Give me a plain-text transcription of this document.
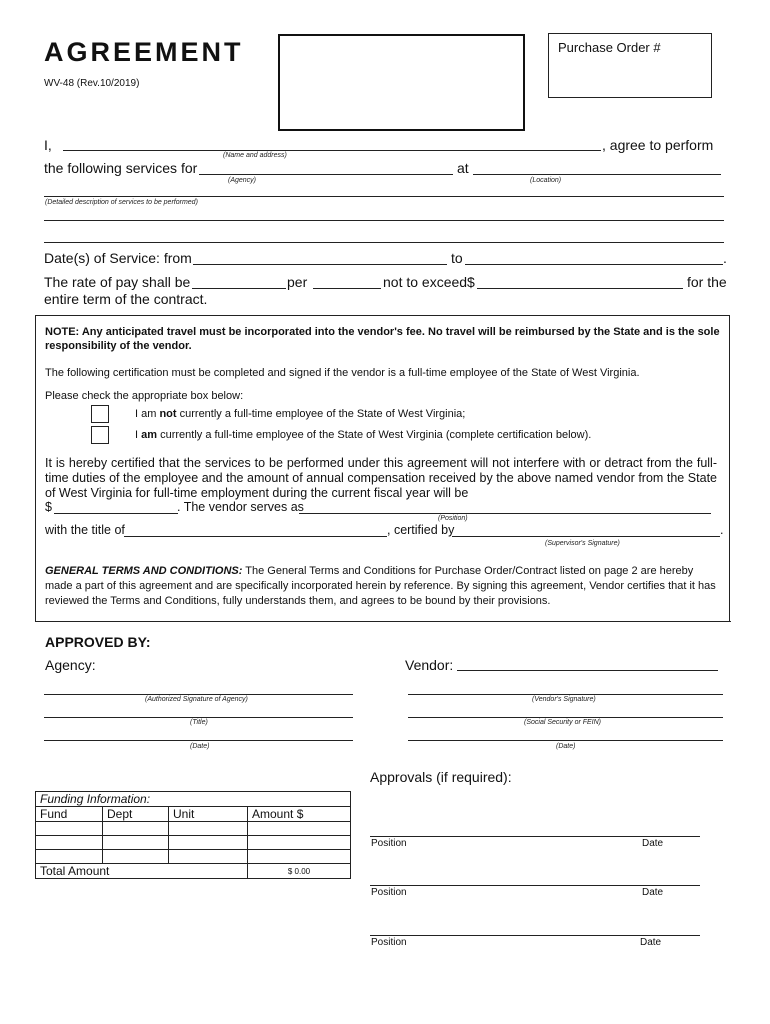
AGREEMENT
WV-48 (Rev.10/2019)
Purchase Order #
I,	, agree to perform
(Name and address)
the following services for	at
(Agency)	(Location)
(Detailed description of services to be performed)
Date(s) of Service: from	to	.
The rate of pay shall be	per	not to exceed$	for the
entire term of the contract.
NOTE: Any anticipated travel must be incorporated into the vendor's fee. No travel will be reimbursed by the State and is the sole responsibility of the vendor.
The following certification must be completed and signed if the vendor is a full-time employee of the State of West Virginia.
Please check the appropriate box below:
I am not currently a full-time employee of the State of West Virginia;
I am currently a full-time employee of the State of West Virginia (complete certification below).
It is hereby certified that the services to be performed under this agreement will not interfere with or detract from the full-time duties of the employee and the amount of annual compensation received by the above named vendor from the State of West Virginia for full-time employment during the current fiscal year will be
$	. The vendor serves as
(Position)
with the title of	, certified by	.
(Supervisor's Signature)
GENERAL TERMS AND CONDITIONS: The General Terms and Conditions for Purchase Order/Contract listed on page 2 are hereby made a part of this agreement and are specifically incorporated herein by reference. By signing this agreement, Vendor certifies that it has reviewed the Terms and Conditions, fully understands them, and agrees to be bound by their provisions.
APPROVED BY:
Agency:	Vendor:
(Authorized Signature of Agency)
(Title)
(Date)
(Vendor's Signature)
(Social Security or FEIN)
(Date)
Funding Information:			
Fund	Dept	Unit	Amount $

Total Amount			$ 0.00
Approvals (if required):
Position	Date
Position	Date
Position	Date
